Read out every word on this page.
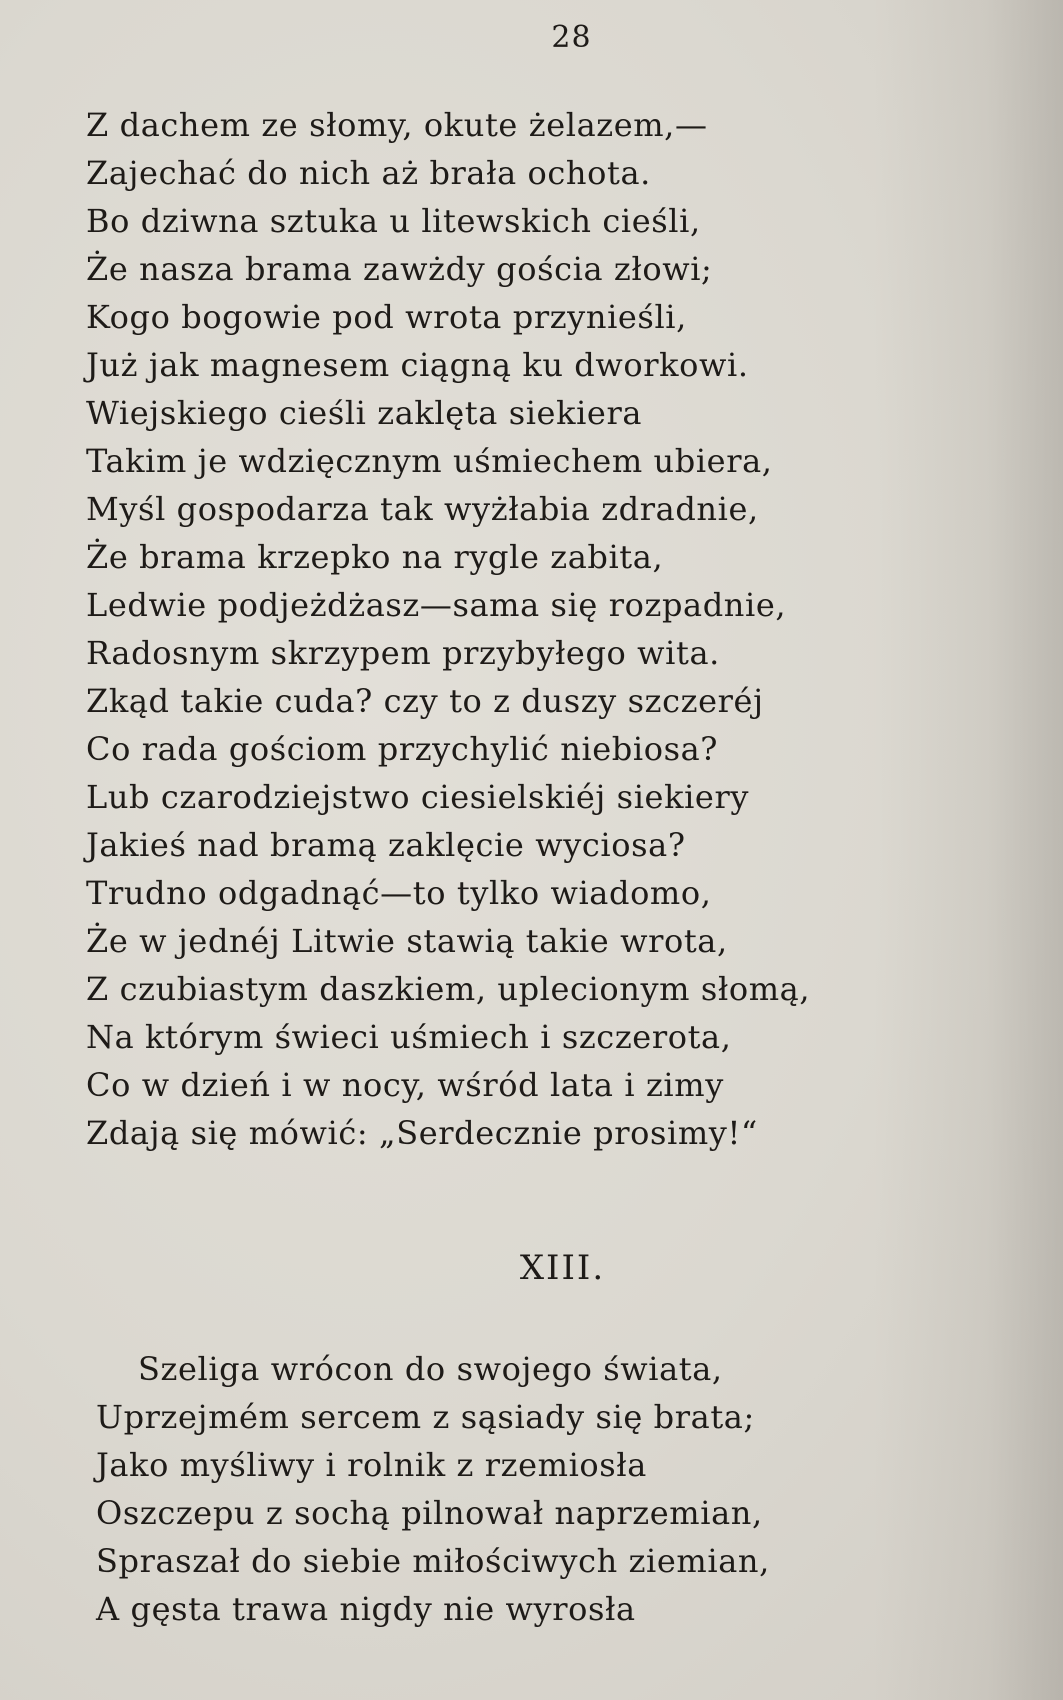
28
Z dachem ze słomy, okute żelazem,—
Zajechać do nich aż brała ochota.
Bo dziwna sztuka u litewskich cieśli,
Że nasza brama zawżdy gościa złowi;
Kogo bogowie pod wrota przynieśli,
Już jak magnesem ciągną ku dworkowi.
Wiejskiego cieśli zaklęta siekiera
Takim je wdzięcznym uśmiechem ubiera,
Myśl gospodarza tak wyżłabia zdradnie,
Że brama krzepko na rygle zabita,
Ledwie podjeżdżasz—sama się rozpadnie,
Radosnym skrzypem przybyłego wita.
Zkąd takie cuda? czy to z duszy szczeréj
Co rada gościom przychylić niebiosa?
Lub czarodziejstwo ciesielskiéj siekiery
Jakieś nad bramą zaklęcie wyciosa?
Trudno odgadnąć—to tylko wiadomo,
Że w jednéj Litwie stawią takie wrota,
Z czubiastym daszkiem, uplecionym słomą,
Na którym świeci uśmiech i szczerota,
Co w dzień i w nocy, wśród lata i zimy
Zdają się mówić: „Serdecznie prosimy!“
XIII.
Szeliga wrócon do swojego świata,
Uprzejmém sercem z sąsiady się brata;
Jako myśliwy i rolnik z rzemiosła
Oszczepu z sochą pilnował naprzemian,
Spraszał do siebie miłościwych ziemian,
A gęsta trawa nigdy nie wyrosła
